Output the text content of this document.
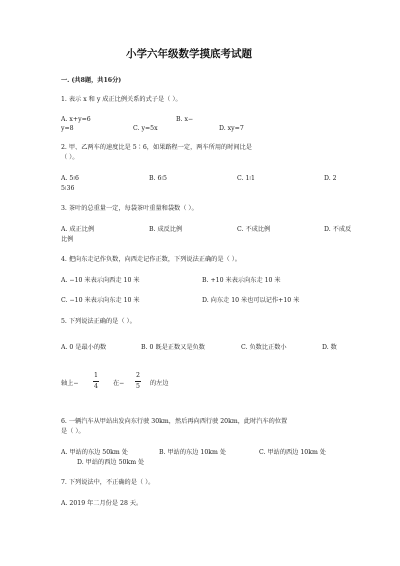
小学六年级数学摸底考试题
一. (共8题，共16分)
1. 表示 x 和 y 成正比例关系的式子是（ ）。
A. x+y=6	B. x−
y=8	C. y=5x	D. xy=7
2. 甲、乙两车的速度比是 5∶6，如果路程一定，两车所用的时间比是
（ ）。
A. 5∶6	B. 6∶5	C. 1∶1	D. 2
5∶36
3. 茶叶的总重量一定，每袋茶叶重量和袋数（ ）。
A. 成正比例	B. 成反比例	C. 不成比例	D. 不成反
比例
4. 把向东走记作负数，向西走记作正数，下列说法正确的是（ ）。
A. −10 米表示向西走 10 米	B. +10 米表示向东走 10 米
C. −10 米表示向东走 10 米	D. 向东走 10 米也可以记作+10 米
5. 下列说法正确的是（ ）。
A. 0 是最小的数	B. 0 既是正数又是负数	C. 负数比正数小	D. 数
轴上−
1
4 在−
2
5 的左边
6. 一辆汽车从甲站出发向东行驶 30km，然后再向西行驶 20km，此时汽车的位置
是（ ）。
A. 甲站的东边 50km 处	B. 甲站的东边 10km 处	C. 甲站的西边 10km 处
D. 甲站的西边 50km 处
7. 下列说法中，不正确的是（ ）。
A. 2019 年二月份是 28 天。
